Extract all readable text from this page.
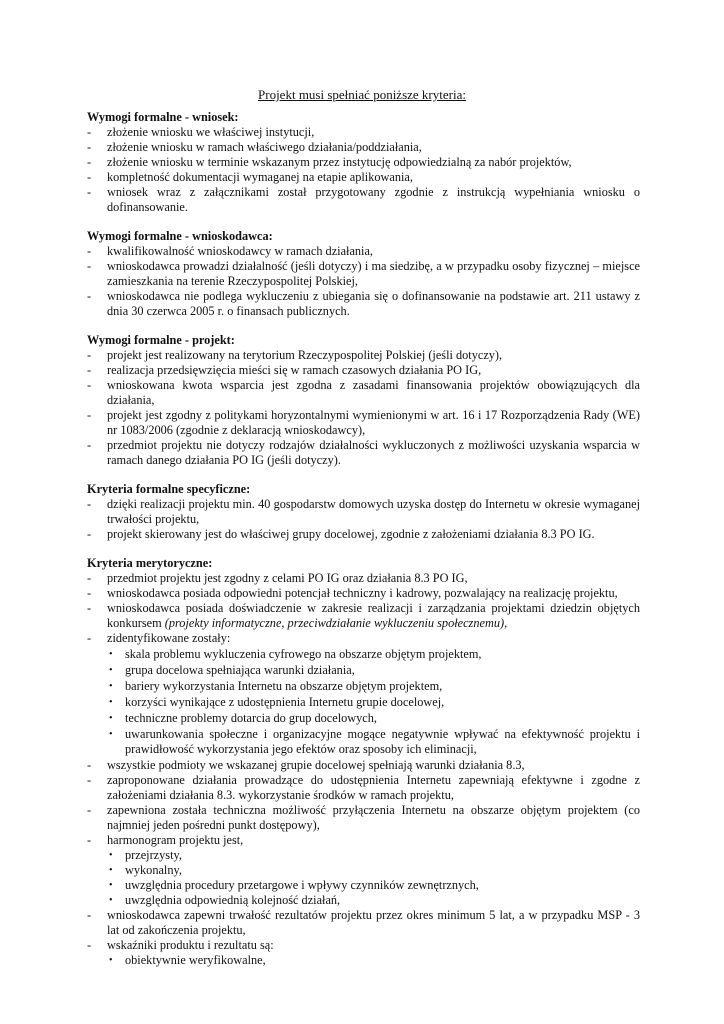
Projekt musi spełniać poniższe kryteria:
Wymogi formalne - wniosek:
- złożenie wniosku we właściwej instytucji,
- złożenie wniosku w ramach właściwego działania/poddziałania,
- złożenie wniosku w terminie wskazanym przez instytucję odpowiedzialną za nabór projektów,
- kompletność dokumentacji wymaganej na etapie aplikowania,
- wniosek wraz z załącznikami został przygotowany zgodnie z instrukcją wypełniania wniosku o dofinansowanie.
Wymogi formalne - wnioskodawca:
- kwalifikowalność wnioskodawcy w ramach działania,
- wnioskodawca prowadzi działalność (jeśli dotyczy) i ma siedzibę, a w przypadku osoby fizycznej – miejsce zamieszkania na terenie Rzeczypospolitej Polskiej,
- wnioskodawca nie podlega wykluczeniu z ubiegania się o dofinansowanie na podstawie art. 211 ustawy z dnia 30 czerwca 2005 r. o finansach publicznych.
Wymogi formalne - projekt:
- projekt jest realizowany na terytorium Rzeczypospolitej Polskiej (jeśli dotyczy),
- realizacja przedsięwzięcia mieści się w ramach czasowych działania PO IG,
- wnioskowana kwota wsparcia jest zgodna z zasadami finansowania projektów obowiązujących dla działania,
- projekt jest zgodny z politykami horyzontalnymi wymienionymi w art. 16 i 17 Rozporządzenia Rady (WE) nr 1083/2006 (zgodnie z deklaracją wnioskodawcy),
- przedmiot projektu nie dotyczy rodzajów działalności wykluczonych z możliwości uzyskania wsparcia w ramach danego działania PO IG (jeśli dotyczy).
Kryteria formalne specyficzne:
- dzięki realizacji projektu min. 40 gospodarstw domowych uzyska dostęp do Internetu w okresie wymaganej trwałości projektu,
- projekt skierowany jest do właściwej grupy docelowej, zgodnie z założeniami działania 8.3 PO IG.
Kryteria merytoryczne:
- przedmiot projektu jest zgodny z celami PO IG oraz działania 8.3 PO IG,
- wnioskodawca posiada odpowiedni potencjał techniczny i kadrowy, pozwalający na realizację projektu,
- wnioskodawca posiada doświadczenie w zakresie realizacji i zarządzania projektami dziedzin objętych konkursem (projekty informatyczne, przeciwdziałanie wykluczeniu społecznemu),
- zidentyfikowane zostały:
• skala problemu wykluczenia cyfrowego na obszarze objętym projektem,
• grupa docelowa spełniająca warunki działania,
• bariery wykorzystania Internetu na obszarze objętym projektem,
• korzyści wynikające z udostępnienia Internetu grupie docelowej,
• techniczne problemy dotarcia do grup docelowych,
• uwarunkowania społeczne i organizacyjne mogące negatywnie wpływać na efektywność projektu i prawidłowość wykorzystania jego efektów oraz sposoby ich eliminacji,
- wszystkie podmioty we wskazanej grupie docelowej spełniają warunki działania 8.3,
- zaproponowane działania prowadzące do udostępnienia Internetu zapewniają efektywne i zgodne z założeniami działania 8.3. wykorzystanie środków w ramach projektu,
- zapewniona została techniczna możliwość przyłączenia Internetu na obszarze objętym projektem (co najmniej jeden pośredni punkt dostępowy),
- harmonogram projektu jest,
• przejrzysty,
• wykonalny,
• uwzględnia procedury przetargowe i wpływy czynników zewnętrznych,
• uwzględnia odpowiednią kolejność działań,
- wnioskodawca zapewni trwałość rezultatów projektu przez okres minimum 5 lat, a w przypadku MSP - 3 lat od zakończenia projektu,
- wskaźniki produktu i rezultatu są:
• obiektywnie weryfikowalne,
